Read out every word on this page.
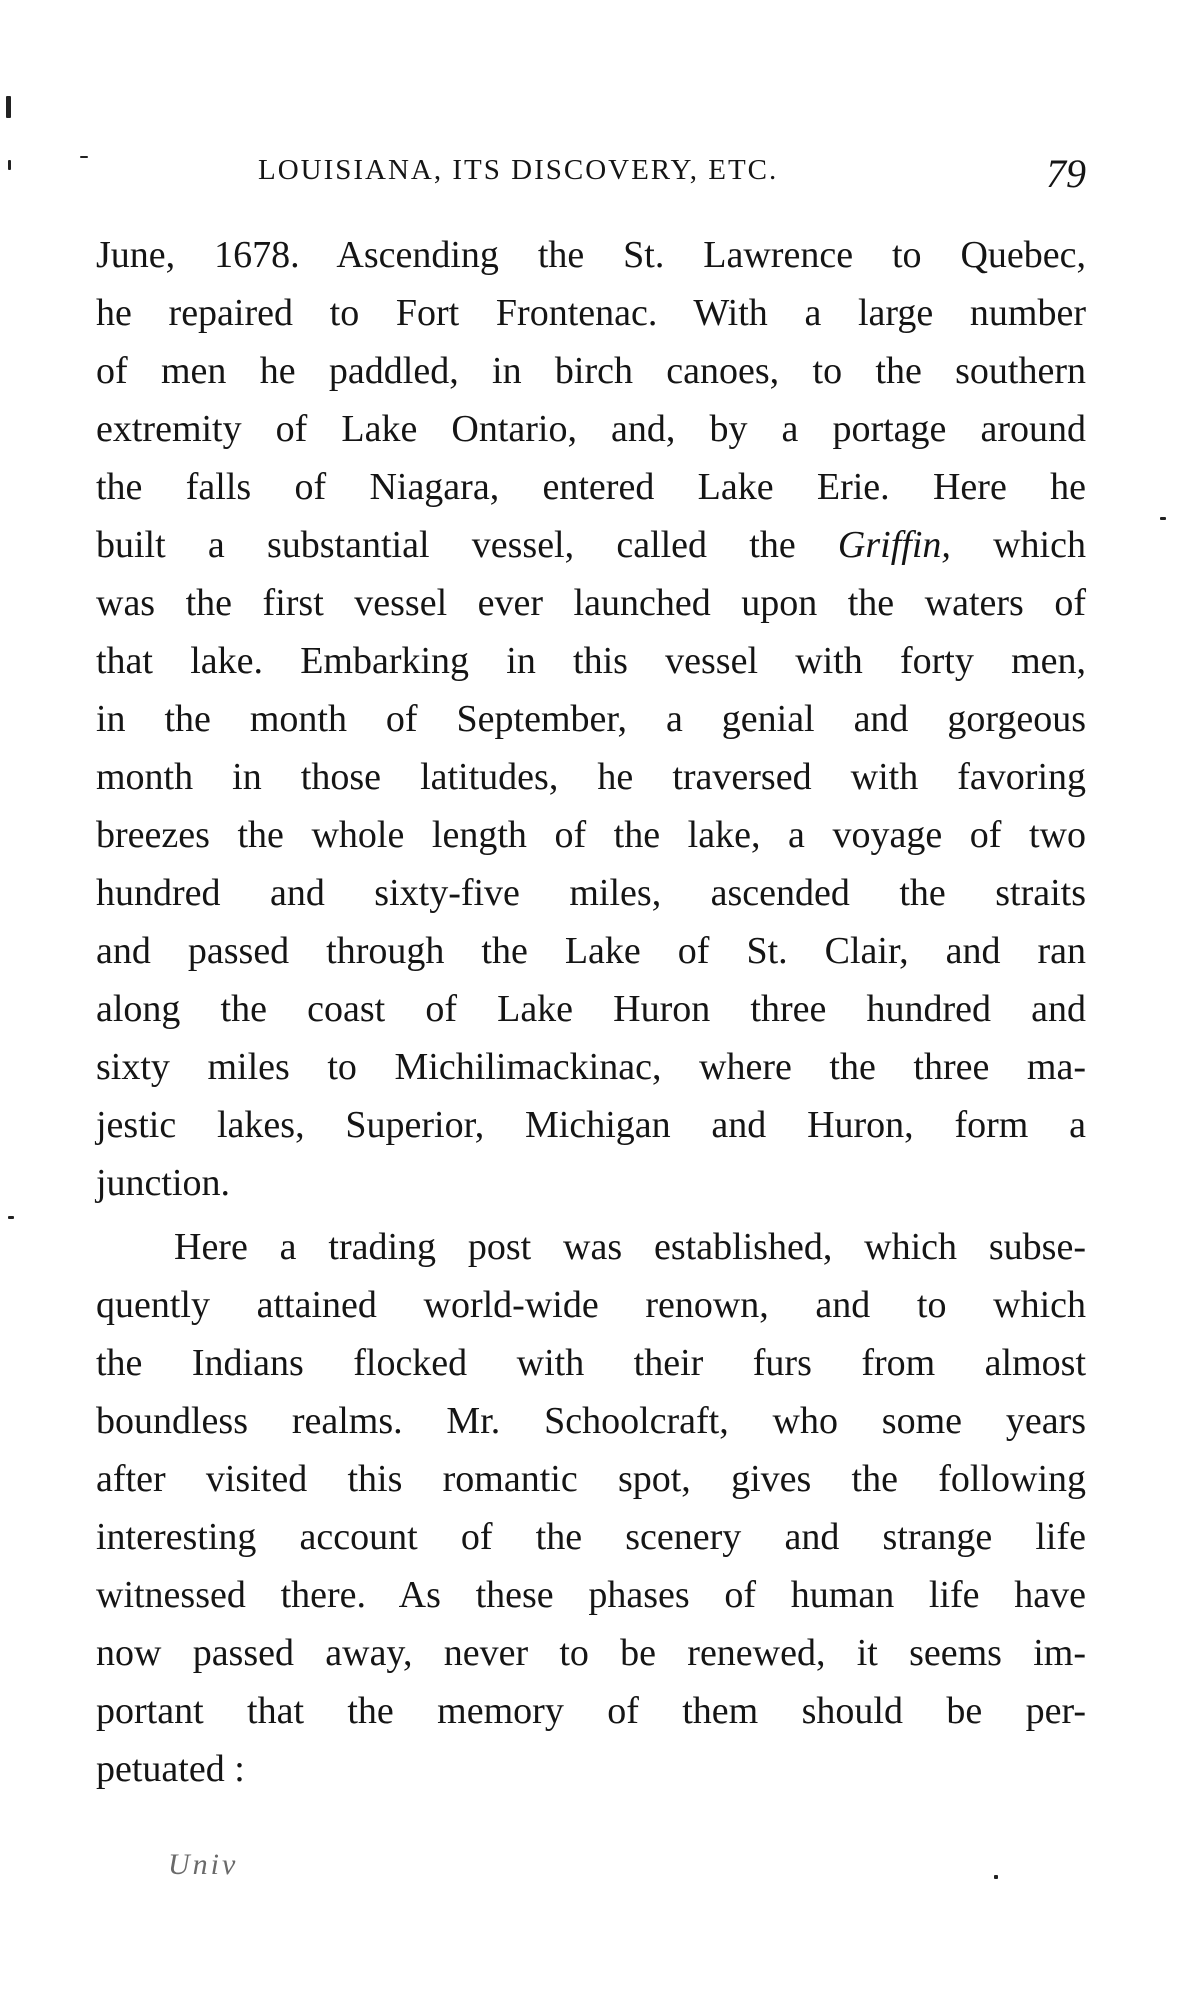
LOUISIANA, ITS DISCOVERY, ETC.	79
June, 1678. Ascending the St. Lawrence to Quebec,
he repaired to Fort Frontenac. With a large number
of men he paddled, in birch canoes, to the southern
extremity of Lake Ontario, and, by a portage around
the falls of Niagara, entered Lake Erie. Here he
built a substantial vessel, called the Griffin, which
was the first vessel ever launched upon the waters of
that lake. Embarking in this vessel with forty men,
in the month of September, a genial and gorgeous
month in those latitudes, he traversed with favoring
breezes the whole length of the lake, a voyage of two
hundred and sixty-five miles, ascended the straits
and passed through the Lake of St. Clair, and ran
along the coast of Lake Huron three hundred and
sixty miles to Michilimackinac, where the three ma-
jestic lakes, Superior, Michigan and Huron, form a
junction.
Here a trading post was established, which subse-
quently attained world-wide renown, and to which
the Indians flocked with their furs from almost
boundless realms. Mr. Schoolcraft, who some years
after visited this romantic spot, gives the following
interesting account of the scenery and strange life
witnessed there. As these phases of human life have
now passed away, never to be renewed, it seems im-
portant that the memory of them should be per-
petuated :
Univ
